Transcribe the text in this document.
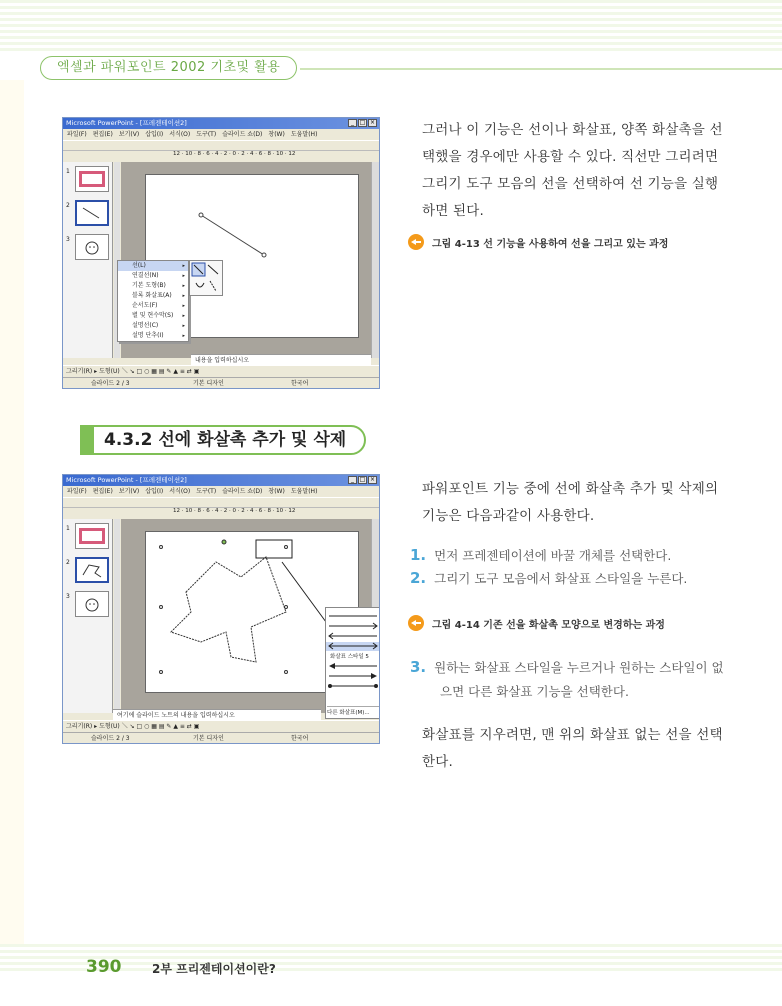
엑셀과 파워포인트 2002 기초및 활용
Microsoft PowerPoint - [프레젠테이션2]	_ □ ×
파일(F) 편집(E) 보기(V) 삽입(I) 서식(O) 도구(T) 슬라이드 쇼(D) 창(W) 도움말(H)
12 · 10 · 8 · 6 · 4 · 2 · 0 · 2 · 4 · 6 · 8 · 10 · 12
1
2
3
선(L) ▸
연결선(N) ▸
기본 도형(B) ▸
블록 화살표(A) ▸
순서도(F) ▸
별 및 현수막(S) ▸
설명선(C) ▸
설명 단추(I) ▸
내용을 입력하십시오
그리기(R) ▸ 도형(U) ＼ ↘ □ ○ ▦ ▤ ✎ ▲ ≡ ⇄ ▣
슬라이드 2 / 3	기본 디자인	한국어
그러나 이 기능은 선이나 화살표, 양쪽 화살촉을 선택했을 경우에만 사용할 수 있다. 직선만 그리려면 그리기 도구 모음의 선을 선택하여 선 기능을 실행하면 된다.
그림 4-13 선 기능을 사용하여 선을 그리고 있는 과정
4.3.2 선에 화살촉 추가 및 삭제
Microsoft PowerPoint - [프레젠테이션2]	_ □ ×
파일(F) 편집(E) 보기(V) 삽입(I) 서식(O) 도구(T) 슬라이드 쇼(D) 창(W) 도움말(H)
12 · 10 · 8 · 6 · 4 · 2 · 0 · 2 · 4 · 6 · 8 · 10 · 12
1
2
3
화살표 스타일 5
다른 화살표(M)...
여기에 슬라이드 노트의 내용을 입력하십시오
그리기(R) ▸ 도형(U) ＼ ↘ □ ○ ▦ ▤ ✎ ▲ ≡ ⇄ ▣
슬라이드 2 / 3	기본 디자인	한국어
파워포인트 기능 중에 선에 화살촉 추가 및 삭제의 기능은 다음과같이 사용한다.
1. 먼저 프레젠테이션에 바꿀 개체를 선택한다.
2. 그리기 도구 모음에서 화살표 스타일을 누른다.
그림 4-14 기존 선을 화살촉 모양으로 변경하는 과정
3. 원하는 화살표 스타일을 누르거나 원하는 스타일이 없으면 다른 화살표 기능을 선택한다.
화살표를 지우려면, 맨 위의 화살표 없는 선을 선택한다.
390	2부 프리젠테이션이란?
